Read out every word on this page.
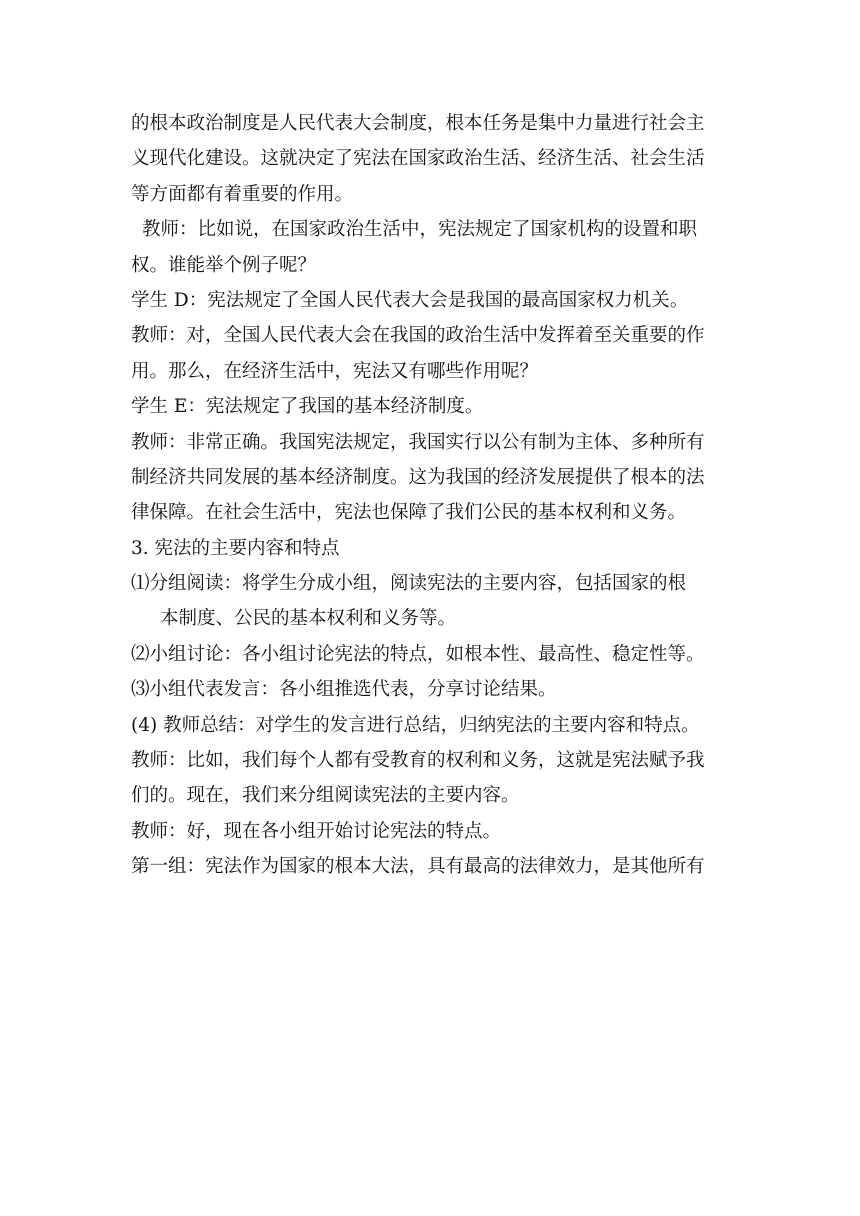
的根本政治制度是人民代表大会制度，根本任务是集中力量进行社会主
义现代化建设。这就决定了宪法在国家政治生活、经济生活、社会生活
等方面都有着重要的作用。
教师：比如说，在国家政治生活中，宪法规定了国家机构的设置和职
权。谁能举个例子呢？
学生 D：宪法规定了全国人民代表大会是我国的最高国家权力机关。
教师：对，全国人民代表大会在我国的政治生活中发挥着至关重要的作
用。那么，在经济生活中，宪法又有哪些作用呢？
学生 E：宪法规定了我国的基本经济制度。
教师：非常正确。我国宪法规定，我国实行以公有制为主体、多种所有
制经济共同发展的基本经济制度。这为我国的经济发展提供了根本的法
律保障。在社会生活中，宪法也保障了我们公民的基本权利和义务。
3. 宪法的主要内容和特点
⑴分组阅读：将学生分成小组，阅读宪法的主要内容，包括国家的根
本制度、公民的基本权利和义务等。
⑵小组讨论：各小组讨论宪法的特点，如根本性、最高性、稳定性等。
⑶小组代表发言：各小组推选代表，分享讨论结果。
(4) 教师总结：对学生的发言进行总结，归纳宪法的主要内容和特点。
教师：比如，我们每个人都有受教育的权利和义务，这就是宪法赋予我
们的。现在，我们来分组阅读宪法的主要内容。
教师：好，现在各小组开始讨论宪法的特点。
第一组：宪法作为国家的根本大法，具有最高的法律效力，是其他所有
